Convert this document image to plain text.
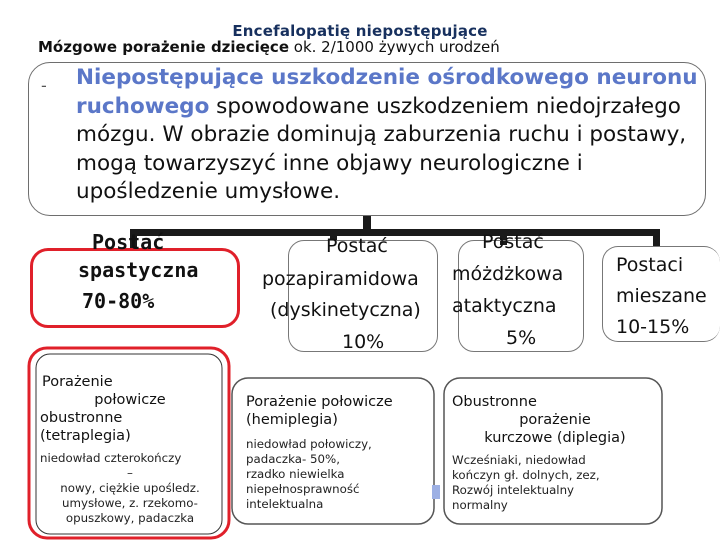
Encefalopatię niepostępujące
Mózgowe porażenie dziecięce ok. 2/1000 żywych urodzeń
- Niepostępujące uszkodzenie ośrodkowego neuronu ruchowego spowodowane uszkodzeniem niedojrzałego mózgu. W obrazie dominują zaburzenia ruchu i postawy, mogą towarzyszyć inne objawy neurologiczne i upośledzenie umysłowe.
Postać
spastyczna
70-80%
Postać
pozapiramidowa
(dyskinetyczna)
10%
Postać
móżdżkowa
ataktyczna
5%
Postaci
mieszane
10-15%
Porażenie
połowicze
obustronne
(tetraplegia)
niedowład czterokończy
–
nowy, ciężkie upośledz.
umysłowe, z. rzekomo-
opuszkowy, padaczka
Porażenie połowicze
(hemiplegia)
niedowład połowiczy,
padaczka- 50%,
rzadko niewielka
niepełnosprawność
intelektualna
Obustronne
porażenie
kurczowe (diplegia)
Wcześniaki, niedowład
kończyn gł. dolnych, zez,
Rozwój intelektualny
normalny
